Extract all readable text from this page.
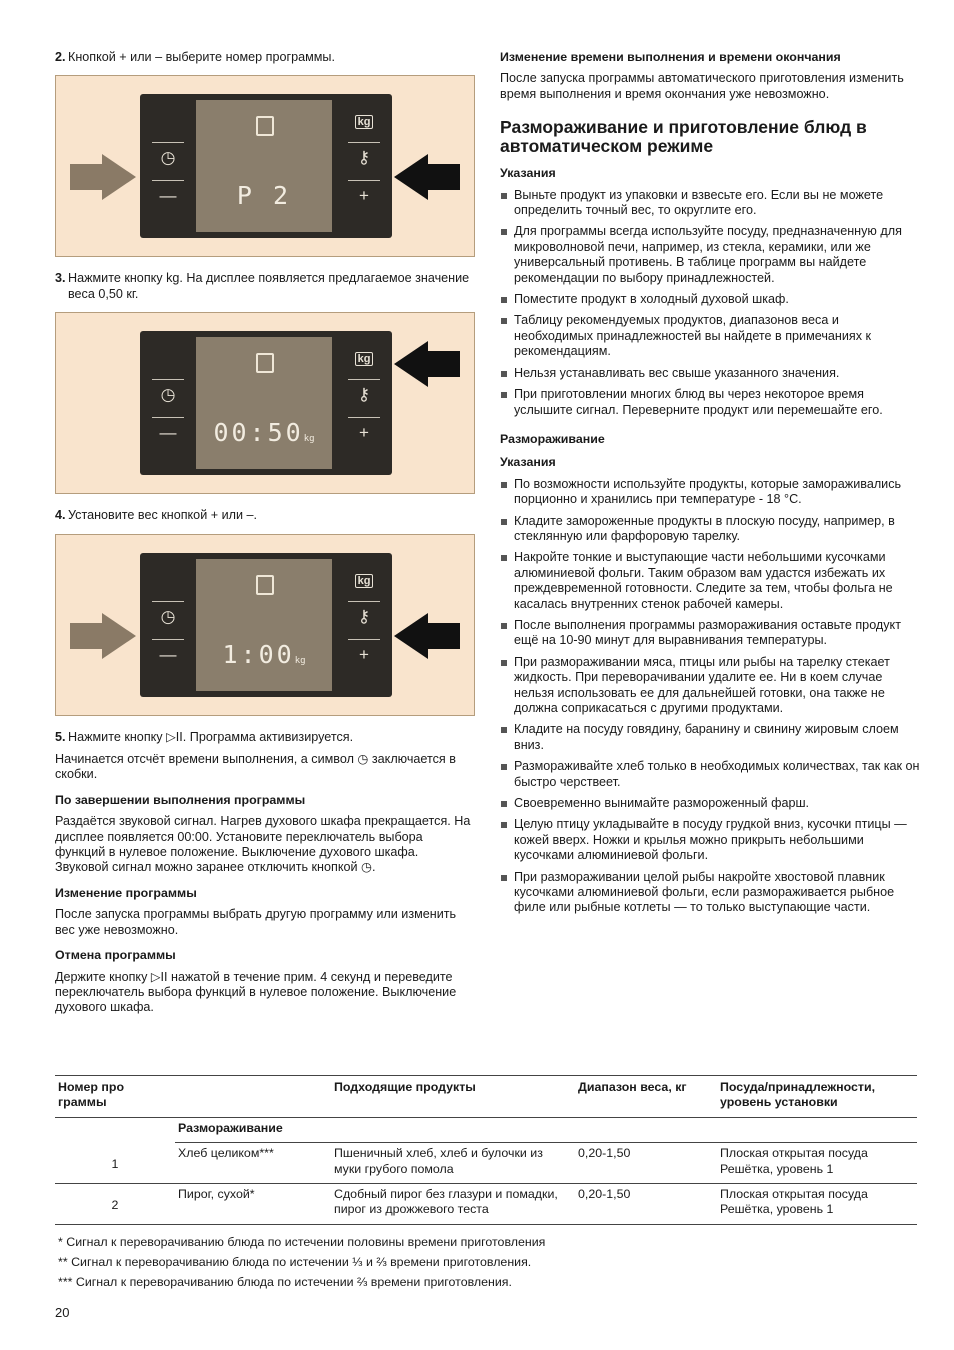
2. Кнопкой + или – выберите номер программы.
◷
—	P 2
kg
⚷
+
3. Нажмите кнопку kg. На дисплее появляется предлагаемое значение веса 0,50 кг.
◷
—	00:50kg
kg
⚷
+
4. Установите вес кнопкой + или –.
◷
—	1:00kg
kg
⚷
+
5. Нажмите кнопку ▷II. Программа активизируется.

Начинается отсчёт времени выполнения, а символ ◷ заключается в скобки.

По завершении выполнения программы

Раздаётся звуковой сигнал. Нагрев духового шкафа прекращается. На дисплее появляется 00:00. Установите переключатель выбора функций в нулевое положение. Выключение духового шкафа. Звуковой сигнал можно заранее отключить кнопкой ◷.

Изменение программы

После запуска программы выбрать другую программу или изменить вес уже невозможно.

Отмена программы

Держите кнопку ▷II нажатой в течение прим. 4 секунд и переведите переключатель выбора функций в нулевое положение. Выключение духового шкафа.

Изменение времени выполнения и времени окончания

После запуска программы автоматического приготовления изменить время выполнения и время окончания уже невозможно.

Размораживание и приготовление блюд в автоматическом режиме
Указания
Выньте продукт из упаковки и взвесьте его. Если вы не можете определить точный вес, то округлите его.
Для программы всегда используйте посуду, предназначенную для микроволновой печи, например, из стекла, керамики, или же универсальный противень. В таблице программ вы найдете рекомендации по выбору принадлежностей.
Поместите продукт в холодный духовой шкаф.
Таблицу рекомендуемых продуктов, диапазонов веса и необходимых принадлежностей вы найдете в примечаниях к рекомендациям.
Нельзя устанавливать вес свыше указанного значения.
При приготовлении многих блюд вы через некоторое время услышите сигнал. Переверните продукт или перемешайте его.
Размораживание
Указания
По возможности используйте продукты, которые замораживались порционно и хранились при температуре - 18 °C.
Кладите замороженные продукты в плоскую посуду, например, в стеклянную или фарфоровую тарелку.
Накройте тонкие и выступающие части небольшими кусочками алюминиевой фольги. Таким образом вам удастся избежать их преждевременной готовности. Следите за тем, чтобы фольга не касалась внутренних стенок рабочей камеры.
После выполнения программы размораживания оставьте продукт ещё на 10-90 минут для выравнивания температуры.
При размораживании мяса, птицы или рыбы на тарелку стекает жидкость. При переворачивании удалите ее. Ни в коем случае нельзя использовать ее для дальнейшей готовки, она также не должна соприкасаться с другими продуктами.
Кладите на посуду говядину, баранину и свинину жировым слоем вниз.
Размораживайте хлеб только в необходимых количествах, так как он быстро черствеет.
Своевременно вынимайте размороженный фарш.
Целую птицу укладывайте в посуду грудкой вниз, кусочки птицы — кожей вверх. Ножки и крылья можно прикрыть небольшими кусочками алюминиевой фольги.
При размораживании целой рыбы накройте хвостовой плавник кусочками алюминиевой фольги, если размораживается рыбное филе или рыбные котлеты — то только выступающие части.
Номер про граммы		Подходящие продукты	Диапазон веса, кг	Посуда/принадлежности, уровень установки
	Размораживание			
1	Хлеб целиком***	Пшеничный хлеб, хлеб и булочки из муки грубого помола	0,20-1,50	Плоская открытая посуда
Решётка, уровень 1

2	Пирог, сухой*	Сдобный пирог без глазури и помадки, пирог из дрожжевого теста	0,20-1,50	Плоская открытая посуда
Решётка, уровень 1
* Сигнал к переворачиванию блюда по истечении половины времени приготовления
** Сигнал к переворачиванию блюда по истечении ⅓ и ⅔ времени приготовления.
*** Сигнал к переворачиванию блюда по истечении ⅔ времени приготовления.
20
